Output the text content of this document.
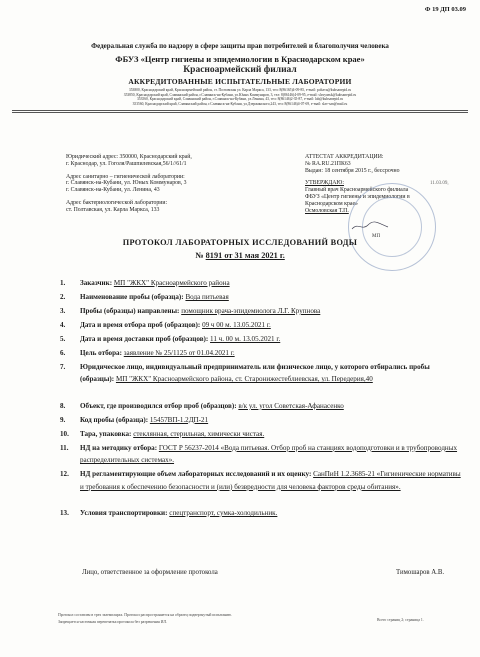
Ф 19 ДП 03.09
Федеральная служба по надзору в сфере защиты прав потребителей и благополучия человека
ФБУЗ «Центр гигиены и эпидемиологии в Краснодарском крае»
Красноармейский филиал
АККРЕДИТОВАННЫЕ ИСПЫТАТЕЛЬНЫЕ ЛАБОРАТОРИИ
353800, Краснодарский край, Красноармейский район, ст. Полтавская ул. Карла Маркса, 133, тел: 8(86165)4-09-85, e-mail: poltava@kubsanepid.ru
353850, Краснодарский край, Славянский район, г.Славянск-на-Кубани, ул.Юных Коммунаров, 3, тел: 8(86146)4-09-95, e-mail: slavyansk@kubsanepid.ru
353560, Краснодарский край, Славянский район, г.Славянск-на-Кубани, ул.Ленина, 43, тел: 8(86146)2-35-87, e-mail: lab@kubsanepid.ru
353560, Краснодарский край, Славянский район, г.Славянск-на-Кубани, ул.Дзержинского,243, тел: 8(86146)4-07-69, e-mail: slav-san@mail.ru
Юридический адрес: 350000, Краснодарский край,
г. Краснодар, ул. Гоголя/Рашпилевская,56/1//61/1
Адрес санитарно – гигиенической лаборатории:
г. Славянск-на-Кубани, ул. Юных Коммунаров, 3
г. Славянск-на-Кубани, ул. Ленина, 43
Адрес бактериологической лаборатории:
ст. Полтавская, ул. Карла Маркса, 133
АТТЕСТАТ АККРЕДИТАЦИИ:
№ RA.RU.21ПК63
Выдан: 18 сентября 2015 г., бессрочно
УТВЕРЖДАЮ:
Главный врач Красноармейского филиала
ФБУЗ «Центр гигиены и эпидемиологии в
Краснодарском крае»
Осмоловская Т.П.
11.03.09,
МП
ПРОТОКОЛ ЛАБОРАТОРНЫХ ИССЛЕДОВАНИЙ ВОДЫ
№ 8191 от 31 мая 2021 г.
1.	Заказчик: МП "ЖКХ" Красноармейского района
2.	Наименование пробы (образца): Вода питьевая
3.	Пробы (образцы) направлены: помощник врача-эпидемиолога Л.Г. Крупнова
4.	Дата и время отбора проб (образцов): 09 ч 00 м. 13.05.2021 г.
5.	Дата и время доставки проб (образцов): 11 ч. 00 м. 13.05.2021 г.
6.	Цель отбора: заявление № 25/1125 от 01.04.2021 г.
7.	Юридическое лицо, индивидуальный предприниматель или физическое лицо, у которого отбирались пробы (образцы): МП "ЖКХ" Красноармейского района, ст. Старонижестеблиевская, ул. Передерия,40
8.	Объект, где производился отбор проб (образцов): в/к ул. угол Советская-Афанасенко
9.	Код пробы (образца): 15457ВП-1.2ДП-21
10.	Тара, упаковка: стеклянная, стерильная, химически чистая.
11.	НД на методику отбора: ГОСТ Р 56237-2014 «Вода питьевая. Отбор проб на станциях водоподготовки и в трубопроводных распределительных системах».
12.	НД регламентирующие объем лабораторных исследований и их оценку: СанПиН 1.2.3685-21 «Гигиенические нормативы и требования к обеспечению безопасности и (или) безвредности для человека факторов среды обитания».
13.	Условия транспортировки: спецтранспорт, сумка-холодильник.
Лицо, ответственное за оформление протокола	Тимошаров А.В.
Протокол составлен в трех экземплярах. Протокол распространяется на образец подвергнутый испытанию.
Запрещается частичная перепечатка протокола без разрешения ИЛ.	Всего страниц 2; страница 1.
